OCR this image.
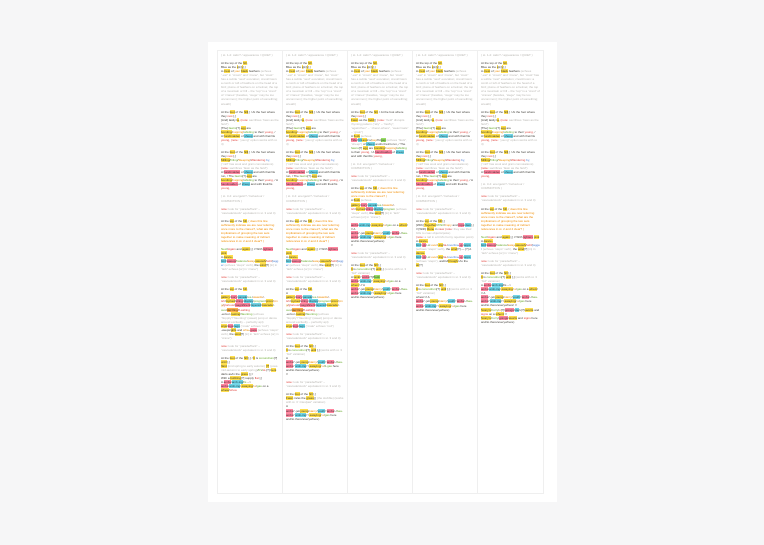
( st. 1-2: calm? / appearance / QUIET )
At the top of the hill,
Blue as the s[k]y[,]
A crest of your black feathers (echoes
“-est” in “crown” and “crane”, but “crest” has a subtle “nest” evocation; crest/crown: a comb or tuft of feathers on the head of a bird; plume of feathers on a helmet; the top of a mountain or hill – the “top” is a “crest” of “cranes” (besides, “siege” may be too uncommon); the higher point of something; wreath)
At the foot of the hill[,] / At the foot where they rest [,]
[And] lastly la, (note: sacrifices “fawn as the field”)
[The] fawns[?] egg are
bonding/napping/abiding to their young, /
A handmaiden of sheep and with their/its young, (note: “young” option works with st. 4)
At the foot of the hill[,] / At the foot where they rest [,]
Milling/Filing/Sleeping/Wandering by,
(“mill” has wool and grain connotations)
(note: sacrifices “fawn as the field”)
A handmaiden of sheep and with their/its run, / The fawns[?] egg are bonding/napping/abiding to their young, / A handmaiden of sheep and with their/its young,
( st. 3-4: energetic? / behaviour / COMMOTION )
note: look for “parade/flock” – “cascade/stock” equivalent in st. 3 and 4)
At the top of the hill, ( does this line sufficiently indicate we are now referring once more to the cranes?, what are the implications of grouping the two sets together to make meaning of indirect references in st. 2 and 4 clear? )
Next/Again and again [,] // With lighters pink
A dance-
birdswoop/balance/swayswoosh/twirl/jagger (echoes “steps” verb), the wind[?] [in] in “lark” echoes [or] in “crane”)
note: look for “parade/flock” – “cascade/stock” equivalent in st. 3 and 4)
At the top of the hill,
A
galleryivoryparade/es-/awards/-ishmyriadstringdisplay/programprom/ping/gloriousmagnificentlayeredcascade/-ousdazzling/fl-ashing
-er/our casting/flaunting (echoes “floppily”/“flaunting” (sweet) jump or dance around excitedly – perfectly apt)
wigslogslegs (“male” echoes “rod”)
-veeps/girls and wha-gaps (echoes “steps” verb), the wind[?] [in] in “lark” echoes [or] in “crane”)
note: look for “parade/flock” – “cascade/stock” equivalent in st. 3 and 4)
At the foot of the hill [,] / It is conundrum[?] until [,]
flard (mid spring to early autumn) [?] (poss. mid-autumn to early spring)/It’s/st-[?] bent darts as/in the grass [,] /
With a bobbing[?] supply flat [,]
A ambsamb-ing/ils -->
ambsamb-ing-swaying/-s/gas on a whew/whoa
( st. 1-2: calm? / appearance / QUIET )
At the top of the hill,
Blue as the s[k]y[,]
A crest of your black feathers (echoes
“-est” in “crown” and “crane”, but “crest” has a subtle “nest” evocation; crest/crown: a comb or tuft of feathers on the head of a bird; plume of feathers on a helmet; the top of a mountain or hill – the “top” is a “crest” of “cranes” (besides, “siege” may be too uncommon); the higher point of something; wreath)
At the foot of the hill[,] / At the foot where they rest [,]
[And] lastly la, (note: sacrifices “fawn as the field”)
[The] fawns[?] egg are
bonding/napping/abiding to their young, /
A handmaiden of sheep and with their/its young, (note: “young” option works with st. 4)
At the foot of the hill[,] / At the foot where they rest [,]
Milling/Filing/Sleeping/Wandering by,
(“mill” has wool and grain connotations)
(note: sacrifices “fawn as the field”)
A handmaiden of sheep and with their/its run, / The fawns[?] egg are bonding/napping/abiding to their young, / A handmaiden of sheep and with their/its young,
( st. 3-4: energetic? / behaviour / COMMOTION )
note: look for “parade/flock” – “cascade/stock” equivalent in st. 3 and 4)
At the top of the hill, ( does this line sufficiently indicate we are now referring once more to the cranes?, what are the implications of grouping the two sets together to make meaning of indirect references in st. 2 and 4 clear? )
Next/Again and again [,] // With lighters pink
A dance-
birdswoop/balance/swayswoosh/twirl/jagger (echoes “steps” verb), the wind[?] [in] in “lark” echoes [or] in “crane”)
note: look for “parade/flock” – “cascade/stock” equivalent in st. 3 and 4)
At the top of the hill,
A
galleryivoryparade/es-/awards/-ishmyriadstringdisplay/programprom/ping/gloriousmagnificentlayeredcascade/-ousdazzling/fl-ashing
-er/our casting/flaunting (echoes “floppily”/“flaunting” (sweet) jump or dance around excitedly – perfectly apt)
wigslogslegs (“male” echoes “rod”)
note: look for “parade/flock” – “cascade/stock” equivalent in st. 3 and 4)
At the foot of the hill [,]
It is conundrum[?] until [,] (works with st. 3 “bid” variation)
A
ambs/“-jet/young/starryyouth/“ambs/-/baa-
ambs amb-ing/“/-swaying/-s/li-gas here
and/to there/everywhere)
//
note: look for “parade/flock” – “cascade/stock” equivalent in st. 3 and 4)
At the foot of the hill [,]
Fawn in/as the grass[,] (the stubble) (works with st. 3 “cites/jaw” variation)
A
ambs/“-jet/young/starryyouth/“ambs/-/baa-
ambs amb-ing/“/-swaying/-s/gas here
and/to there/everywhere)
( st. 1-2: calm? / appearance / QUIET )
At the top of the hill,
Blue as the s[k]y[,]
A crest of your black feathers (echoes
“-est” in “crown” and “crane”, but “crest” has a subtle “nest” evocation; crest/crown: a comb or tuft of feathers on the head of a bird; plume of feathers on a helmet; the top of a mountain or hill – the “top” is a “crest” of “cranes” (besides, “siege” may be too uncommon); the higher point of something; wreath)
At the foot of the hill, / At the foot where they rest [,]
Fawn as the field[,] (note: “field” disrupts rhyming pattern (“sky” – “fac/by”, “again/then” – “-there/-where”, “wean/male” – “grain”)
A flock (echoes
Tidehirland/-s/pay/th/gap (echoes “flock”, “sheep”) of sheep and/s their/s run, / The fawns[?] egg are bonding/napping/abiding to their young, / A handmaiden of sheep and with their/its young,
( st. 3-4: energetic? / behaviour / COMMOTION )
note: look for “parade/flock” – “cascade/stock” equivalent in st. 3 and 4)
At the top of the hill, ( does this line sufficiently indicate we are now referring once more to the cranes? )
A flock (echoes
galleryivoryparade/es-/awards/-ishmyriadstringdisplay/program (echoes “steps” verb), the wind[?] [in] in “lark” echoes [or] in “crane”)
ambsamb-ing-swaying/-s/gas on a whem! // A
ambs/“-jet/young/starryyouth/“ambs/-/baa-
ambs amb-ing/“/-swaying/-s/gas here
and/to there/everywhere)
//
note: look for “parade/flock” – “cascade/stock” equivalent in st. 3 and 4)
At the foot of the hill [,]
It is conundrum[?] until[,] (works with st. 3 “bid” variation)
A lamb ambs[?]/flock
ambs amb-ing/“-swaying/-s/gas on a whem! // A
ambs/“-jet/young/starryyouth/“ambs/-/baa-
ambs amb-ing/“/-swaying/-s/gas here
and/to there/everywhere)
( st. 1-2: calm? / appearance / QUIET )
At the top of the hill,
Blue as the s[k]y[,]
A crest of your black feathers (echoes
“-est” in “crown” and “crane”, but “crest” has a subtle “nest” evocation; crest/crown: a comb or tuft of feathers on the head of a bird; plume of feathers on a helmet; the top of a mountain or hill – the “top” is a “crest” of “cranes” (besides, “siege” may be too uncommon); the higher point of something; wreath)
At the foot of the hill[,] / At the foot where they rest [,]
[And] lastly la, (note: sacrifices “fawn as the field”)
[The] fawns[?] egg are
bonding/napping/abiding to their young, /
A handmaiden of sheep and with their/its young, (note: “young” option works with st. 4)
At the foot of the hill[,] / At the foot where they rest [,]
Milling/Filing/Sleeping/Wandering by,
(“mill” has wool and grain connotations)
(note: sacrifices “fawn as the field”)
A handmaiden of sheep and with their/its run, / The fawns[?] egg are bonding/napping/abiding to their young, / A handmaiden of sheep and with their/its young,
( st. 3-4: energetic? / behaviour / COMMOTION )
note: look for “parade/flock” – “cascade/stock” equivalent in st. 3 and 4)
At the top of the hill [,]
[With] Together/Whirl/Copy and ropedam[,] // [With] Rone in view (note: they use their bills to coax objects/poke)
(note: a rail in a bird’s horny rejection point)
A dance-
bird-gy/-s/-over-ing/ta-/overline-g-apps (echoes “steps” verb), the wind[?] — [?] A dance-
bird-gy/-s/-over-ing/ta-/overline-g-apps (echoes “steps”), and/s/through/-/to the air[?]
note: look for “parade/flock” – “cascade/stock” equivalent in st. 3 and 4)
At the foot of the hill [,]
It is conundrum[?] until [,] (works with st. 3 “bid” variation)
whew! // A
ambs/“-jet/young/starryyouth/“ambs/-/baa-
ambs amb-ing/“/-swaying/-s/gas here
and/to there/everywhere)
( st. 1-2: calm? / appearance / QUIET )
At the top of the hill,
Blue as the s[k]y[,]
A crest of your black feathers (echoes
“-est” in “crown” and “crane”, but “crest” has a subtle “nest” evocation; crest/crown: a comb or tuft of feathers on the head of a bird; plume of feathers on a helmet; the top of a mountain or hill – the “top” is a “crest” of “cranes” (besides, “siege” may be too uncommon); the higher point of something; wreath)
At the foot of the hill[,] / At the foot where they rest [,]
[And] lastly la, (note: sacrifices “fawn as the field”)
[The] fawns[?] egg are
bonding/napping/abiding to their young, /
A handmaiden of sheep and with their/its young, (note: “young” option works with st. 4)
At the foot of the hill[,] / At the foot where they rest [,]
Milling/Filing/Sleeping/Wandering by,
(“mill” has wool and grain connotations)
(note: sacrifices “fawn as the field”)
A handmaiden of sheep and with their/its young,
( st. 3-4: energetic? / behaviour / COMMOTION )
note: look for “parade/flock” – “cascade/stock” equivalent in st. 3 and 4)
At the top of the hill, ( does this line sufficiently indicate we are now referring once more to the cranes?, what are the implications of grouping the two sets together to make meaning of indirect references in st. 2 and 4 clear? )
Next/Again and again [,] // With lighters pink
A dance-
birdswoop/balance/swayswoosh/twirl/jagger (echoes “steps” verb), the wind[?] [in] in “lark” echoes [or] in “crane”)
note: look for “parade/flock” – “cascade/stock” equivalent in st. 3 and 4)
At the foot of the hill [,]
It is conundrum[?] until [,] (works with st. 3 “bid” variation)
A ambsamb-ing/ils -->
ambsamb-ing-swaying/-s/gas on a whem! // A
ambs/“-jet/young/starryyouth/“ambs/-/baa-
ambs amb-ing/“/-swaying/-s/gas here
and/to there/everywhere! //
Scary’s/curry/u[?]/goingsHe/u[?]/avorts and signs on a whem! //
Scary’s/currygoingsavorts and signs here and/to there/everywhere)
